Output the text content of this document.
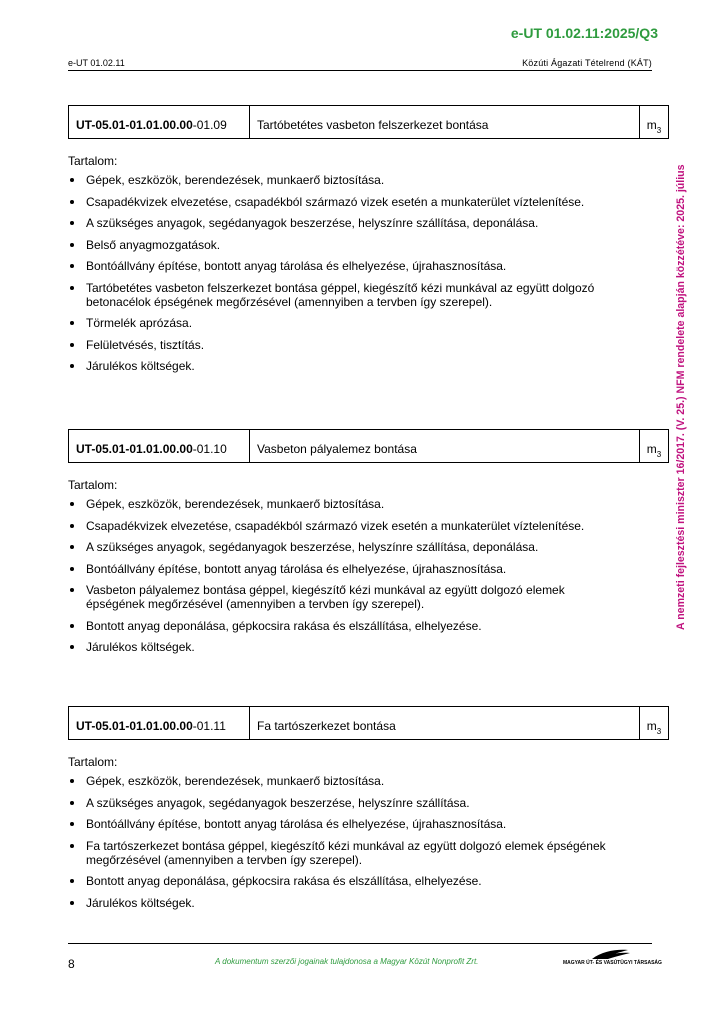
e-UT 01.02.11:2025/Q3
e-UT 01.02.11	Közúti Ágazati Tételrend (KÁT)
A nemzeti fejlesztési miniszter 16/2017. (V. 25.) NFM rendelete alapján közzétéve: 2025. július
UT-05.01-01.01.00.00 -01.09	Tartóbetétes vasbeton felszerkezet bontása	$m^3$
Tartalom:
Gépek, eszközök, berendezések, munkaerő biztosítása.
Csapadékvizek elvezetése, csapadékból származó vizek esetén a munkaterület víztelenítése.
A szükséges anyagok, segédanyagok beszerzése, helyszínre szállítása, deponálása.
Belső anyagmozgatások.
Bontóállvány építése, bontott anyag tárolása és elhelyezése, újrahasznosítása.
Tartóbetétes vasbeton felszerkezet bontása géppel, kiegészítő kézi munkával az együtt dolgozó betonacélok épségének megőrzésével (amennyiben a tervben így szerepel).
Törmelék aprózása.
Felületvésés, tisztítás.
Járulékos költségek.
UT-05.01-01.01.00.00 -01.10	Vasbeton pályalemez bontása	$m^3$
Tartalom:
Gépek, eszközök, berendezések, munkaerő biztosítása.
Csapadékvizek elvezetése, csapadékból származó vizek esetén a munkaterület víztelenítése.
A szükséges anyagok, segédanyagok beszerzése, helyszínre szállítása, deponálása.
Bontóállvány építése, bontott anyag tárolása és elhelyezése, újrahasznosítása.
Vasbeton pályalemez bontása géppel, kiegészítő kézi munkával az együtt dolgozó elemek épségének megőrzésével (amennyiben a tervben így szerepel).
Bontott anyag deponálása, gépkocsira rakása és elszállítása, elhelyezése.
Járulékos költségek.
UT-05.01-01.01.00.00 -01.11	Fa tartószerkezet bontása	$m^3$
Tartalom:
Gépek, eszközök, berendezések, munkaerő biztosítása.
A szükséges anyagok, segédanyagok beszerzése, helyszínre szállítása.
Bontóállvány építése, bontott anyag tárolása és elhelyezése, újrahasznosítása.
Fa tartószerkezet bontása géppel, kiegészítő kézi munkával az együtt dolgozó elemek épségének megőrzésével (amennyiben a tervben így szerepel).
Bontott anyag deponálása, gépkocsira rakása és elszállítása, elhelyezése.
Járulékos költségek.
8	A dokumentum szerzői jogainak tulajdonosa a Magyar Közút Nonprofit Zrt.	MAGYAR ÚT- ÉS VASÚTÜGYI TÁRSASÁG
